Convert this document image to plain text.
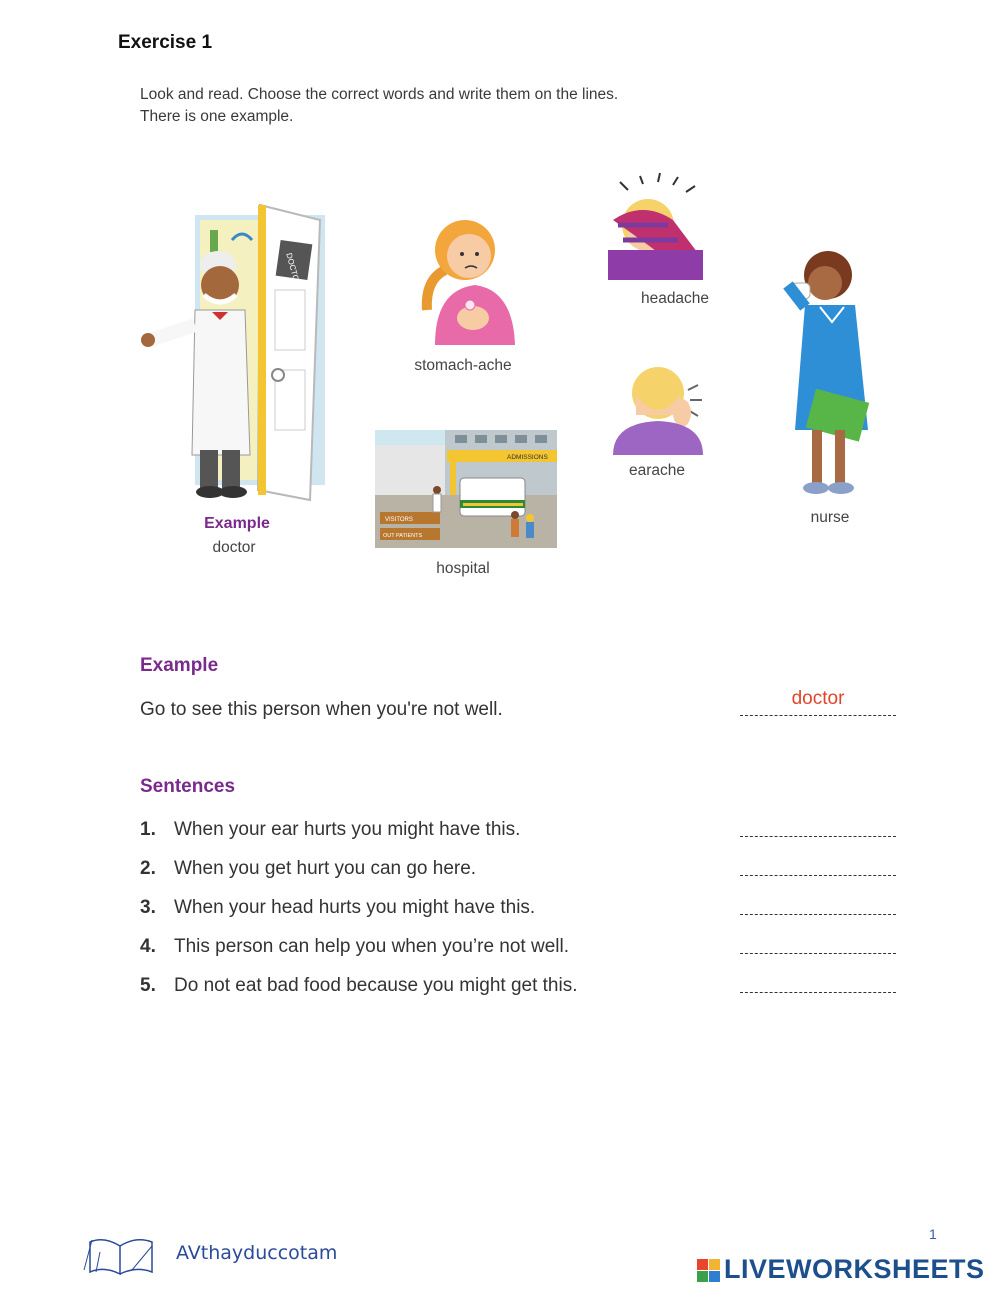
Exercise 1
Look and read. Choose the correct words and write them on the lines.
There is one example.
DOCTOR
Example
doctor
stomach-ache
headache
earache
nurse
ADMISSIONS
VISITORS
OUT PATIENTS
hospital
Example
Go to see this person when you're not well.
doctor
Sentences
1. When your ear hurts you might have this.
2. When you get hurt you can go here.
3. When your head hurts you might have this.
4. This person can help you when you’re not well.
5. Do not eat bad food because you might get this.
1
AVthayduccotam
LIVEWORKSHEETS
